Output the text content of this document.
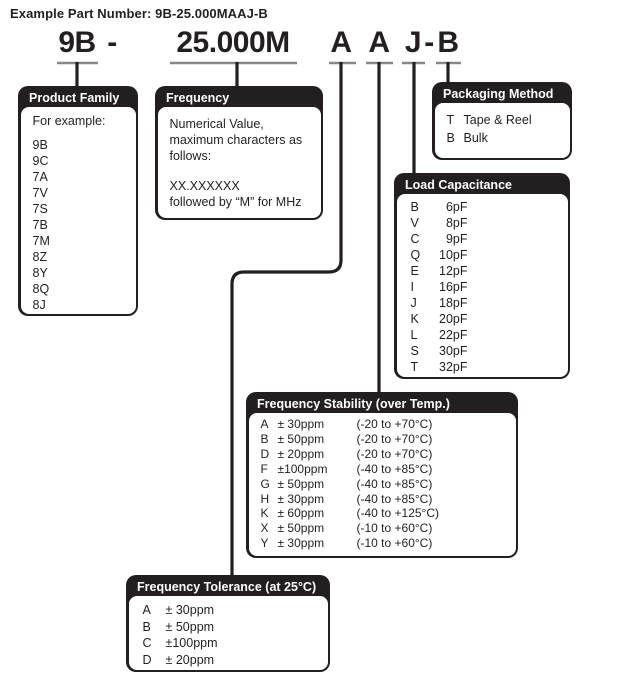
Example Part Number: 9B-25.000MAAJ-B
9B - 25.000M A A J - B
Product Family
For example:
9B
9C
7A
7V
7S
7B
7M
8Z
8Y
8Q
8J
Frequency
Numerical Value, maximum characters as follows:
XX.XXXXXX
followed by “M” for MHz
Packaging Method
T Tape & Reel
B Bulk
Load Capacitance
B	6pF
V	8pF
C	9pF
Q	10pF
E	12pF
I	16pF
J	18pF
K	20pF
L	22pF
S	30pF
T	32pF
Frequency Stability (over Temp.)
A ± 30ppm	(-20 to +70°C)
B ± 50ppm	(-20 to +70°C)
D ± 20ppm	(-20 to +70°C)
F ±100ppm	(-40 to +85°C)
G ± 50ppm	(-40 to +85°C)
H ± 30ppm	(-40 to +85°C)
K ± 60ppm	(-40 to +125°C)
X ± 50ppm	(-10 to +60°C)
Y ± 30ppm	(-10 to +60°C)
Frequency Tolerance (at 25°C)
A	± 30ppm
B	± 50ppm
C	±100ppm
D	± 20ppm
